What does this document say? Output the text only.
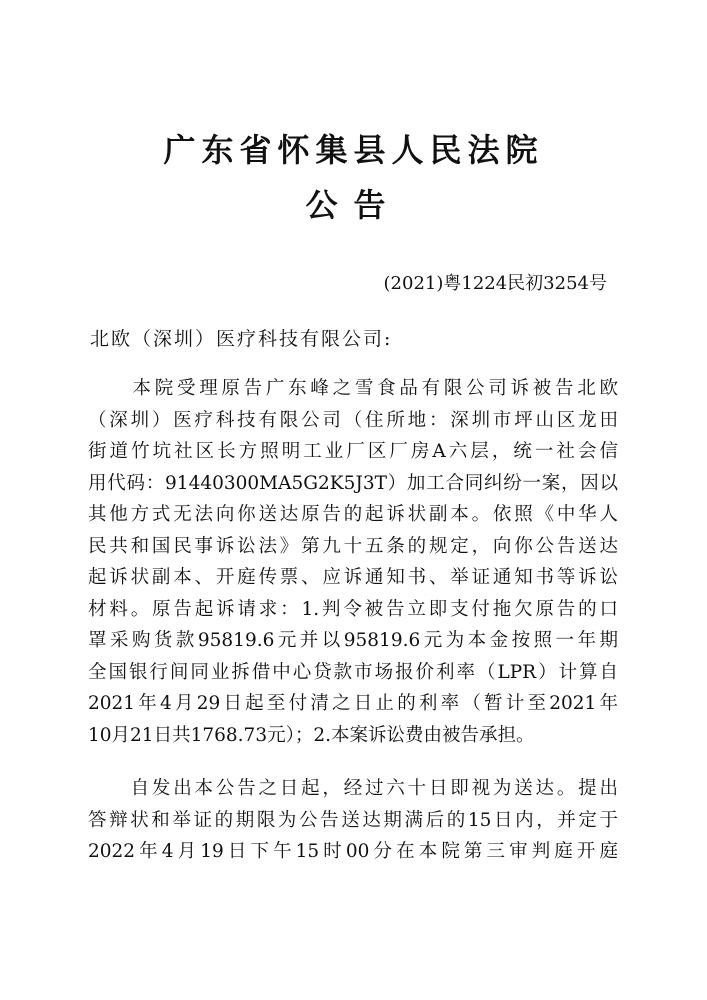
广东省怀集县人民法院
公告
(2021)粤1224民初3254号
北欧（深圳）医疗科技有限公司:
　　本院受理原告广东峰之雪食品有限公司诉被告北欧
（深圳）医疗科技有限公司（住所地：深圳市坪山区龙田
街道竹坑社区长方照明工业厂区厂房A六层，统一社会信
用代码：91440300MA5G2K5J3T）加工合同纠纷一案，因以
其他方式无法向你送达原告的起诉状副本。依照《中华人
民共和国民事诉讼法》第九十五条的规定，向你公告送达
起诉状副本、开庭传票、应诉通知书、举证通知书等诉讼
材料。原告起诉请求：1.判令被告立即支付拖欠原告的口
罩采购货款95819.6元并以95819.6元为本金按照一年期
全国银行间同业拆借中心贷款市场报价利率（LPR）计算自
2021年4月29日起至付清之日止的利率（暂计至2021年
10月21日共1768.73元）；2.本案诉讼费由被告承担。
　　自发出本公告之日起，经过六十日即视为送达。提出
答辩状和举证的期限为公告送达期满后的15日内，并定于
2022年4月19日下午15时00分在本院第三审判庭开庭
